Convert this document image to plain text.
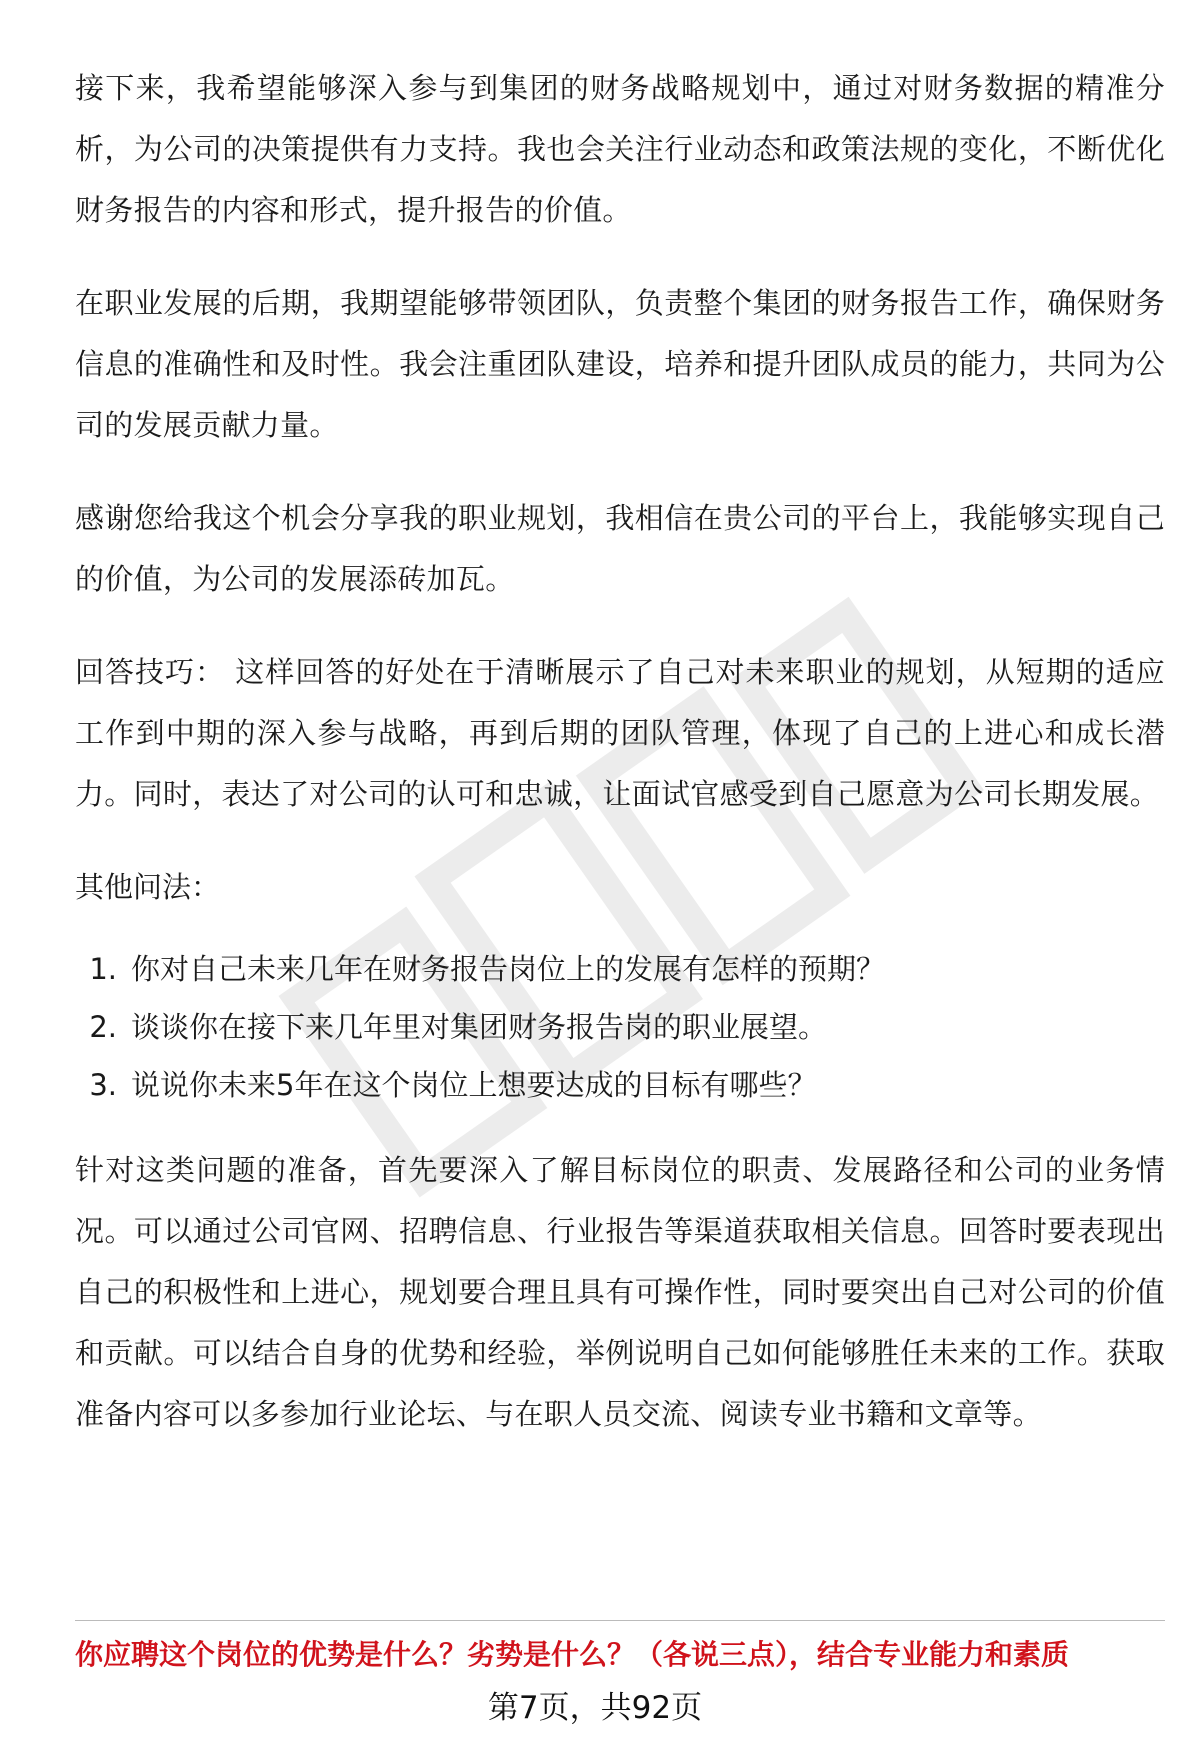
接下来，我希望能够深入参与到集团的财务战略规划中，通过对财务数据的精准分析，为公司的决策提供有力支持。我也会关注行业动态和政策法规的变化，不断优化财务报告的内容和形式，提升报告的价值。

在职业发展的后期，我期望能够带领团队，负责整个集团的财务报告工作，确保财务信息的准确性和及时性。我会注重团队建设，培养和提升团队成员的能力，共同为公司的发展贡献力量。

感谢您给我这个机会分享我的职业规划，我相信在贵公司的平台上，我能够实现自己的价值，为公司的发展添砖加瓦。

回答技巧： 这样回答的好处在于清晰展示了自己对未来职业的规划，从短期的适应工作到中期的深入参与战略，再到后期的团队管理，体现了自己的上进心和成长潜力。同时，表达了对公司的认可和忠诚，让面试官感受到自己愿意为公司长期发展。

其他问法：

1. 你对自己未来几年在财务报告岗位上的发展有怎样的预期？
2. 谈谈你在接下来几年里对集团财务报告岗的职业展望。
3. 说说你未来5年在这个岗位上想要达成的目标有哪些？

针对这类问题的准备，首先要深入了解目标岗位的职责、发展路径和公司的业务情况。可以通过公司官网、招聘信息、行业报告等渠道获取相关信息。回答时要表现出自己的积极性和上进心，规划要合理且具有可操作性，同时要突出自己对公司的价值和贡献。可以结合自身的优势和经验，举例说明自己如何能够胜任未来的工作。获取准备内容可以多参加行业论坛、与在职人员交流、阅读专业书籍和文章等。

你应聘这个岗位的优势是什么？劣势是什么？（各说三点），结合专业能力和素质
第7页，共92页
